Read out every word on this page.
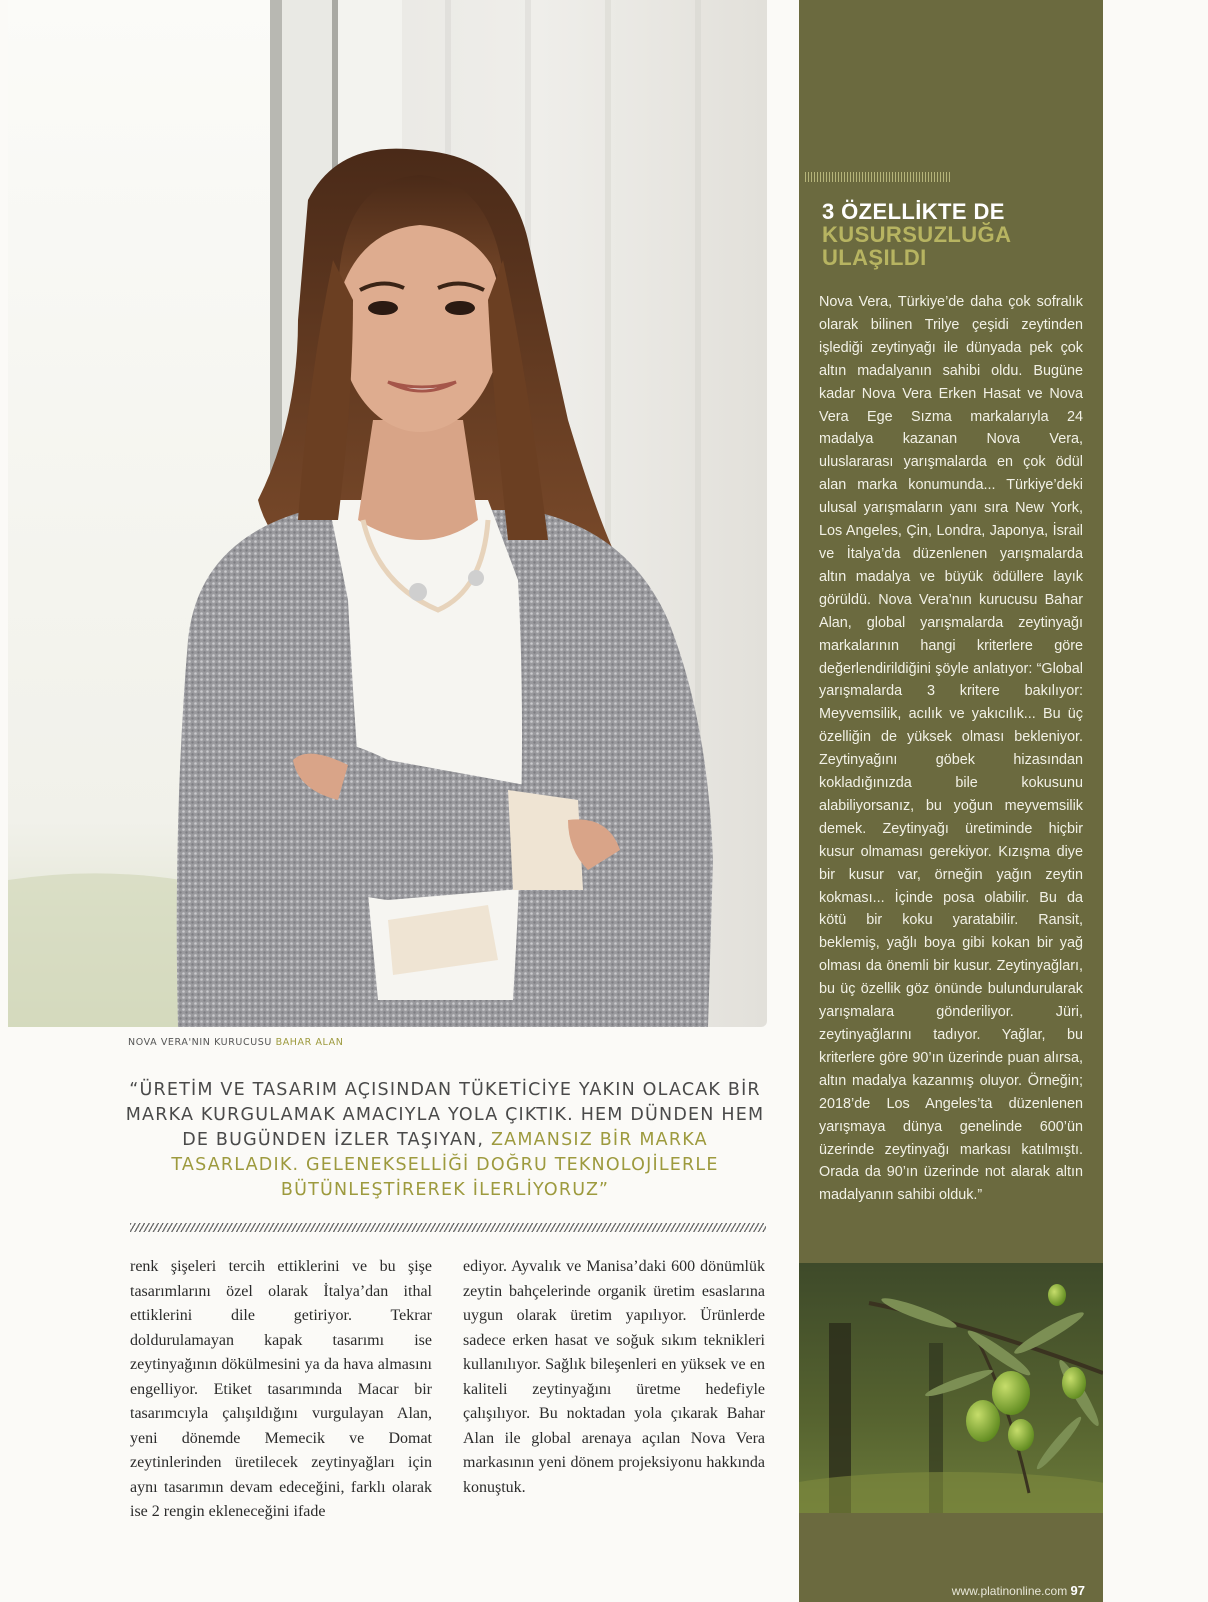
NOVA VERA'NIN KURUCUSU BAHAR ALAN
“ÜRETİM VE TASARIM AÇISINDAN TÜKETİCİYE YAKIN OLACAK BİR MARKA KURGULAMAK AMACIYLA YOLA ÇIKTIK. HEM DÜNDEN HEM DE BUGÜNDEN İZLER TAŞIYAN, ZAMANSIZ BİR MARKA TASARLADIK. GELENEKSELLİĞİ DOĞRU TEKNOLOJİLERLE BÜTÜNLEŞTİREREK İLERLİYORUZ”
renk şişeleri tercih ettiklerini ve bu şişe tasarımlarını özel olarak İtalya’dan ithal ettiklerini dile getiriyor. Tekrar doldurulamayan kapak tasarımı ise zeytinyağının dökülmesini ya da hava almasını engelliyor. Etiket tasarımında Macar bir tasarımcıyla çalışıldığını vurgulayan Alan, yeni dönemde Memecik ve Domat zeytinlerinden üretilecek zeytinyağları için aynı tasarımın devam edeceğini, farklı olarak ise 2 rengin ekleneceğini ifade
ediyor. Ayvalık ve Manisa’daki 600 dönümlük zeytin bahçelerinde organik üretim esaslarına uygun olarak üretim yapılıyor. Ürünlerde sadece erken hasat ve soğuk sıkım teknikleri kullanılıyor. Sağlık bileşenleri en yüksek ve en kaliteli zeytinyağını üretme hedefiyle çalışılıyor. Bu noktadan yola çıkarak Bahar Alan ile global arenaya açılan Nova Vera markasının yeni dönem projeksiyonu hakkında konuştuk.
3 ÖZELLİKTE DE
KUSURSUZLUĞA
ULAŞILDI
Nova Vera, Türkiye’de daha çok sofralık olarak bilinen Trilye çeşidi zeytinden işlediği zeytinyağı ile dünyada pek çok altın madalyanın sahibi oldu. Bugüne kadar Nova Vera Erken Hasat ve Nova Vera Ege Sızma markalarıyla 24 madalya kazanan Nova Vera, uluslararası yarışmalarda en çok ödül alan marka konumunda... Türkiye’deki ulusal yarışmaların yanı sıra New York, Los Angeles, Çin, Londra, Japonya, İsrail ve İtalya’da düzenlenen yarışmalarda altın madalya ve büyük ödüllere layık görüldü. Nova Vera’nın kurucusu Bahar Alan, global yarışmalarda zeytinyağı markalarının hangi kriterlere göre değerlendirildiğini şöyle anlatıyor: “Global yarışmalarda 3 kritere bakılıyor: Meyvemsilik, acılık ve yakıcılık... Bu üç özelliğin de yüksek olması bekleniyor. Zeytinyağını göbek hizasından kokladığınızda bile kokusunu alabiliyorsanız, bu yoğun meyvemsilik demek. Zeytinyağı üretiminde hiçbir kusur olmaması gerekiyor. Kızışma diye bir kusur var, örneğin yağın zeytin kokması... İçinde posa olabilir. Bu da kötü bir koku yaratabilir. Ransit, beklemiş, yağlı boya gibi kokan bir yağ olması da önemli bir kusur. Zeytinyağları, bu üç özellik göz önünde bulundurularak yarışmalara gönderiliyor. Jüri, zeytinyağlarını tadıyor. Yağlar, bu kriterlere göre 90’ın üzerinde puan alırsa, altın madalya kazanmış oluyor. Örneğin; 2018’de Los Angeles’ta düzenlenen yarışmaya dünya genelinde 600’ün üzerinde zeytinyağı markası katılmıştı. Orada da 90’ın üzerinde not alarak altın madalyanın sahibi olduk.”
www.platinonline.com 97
